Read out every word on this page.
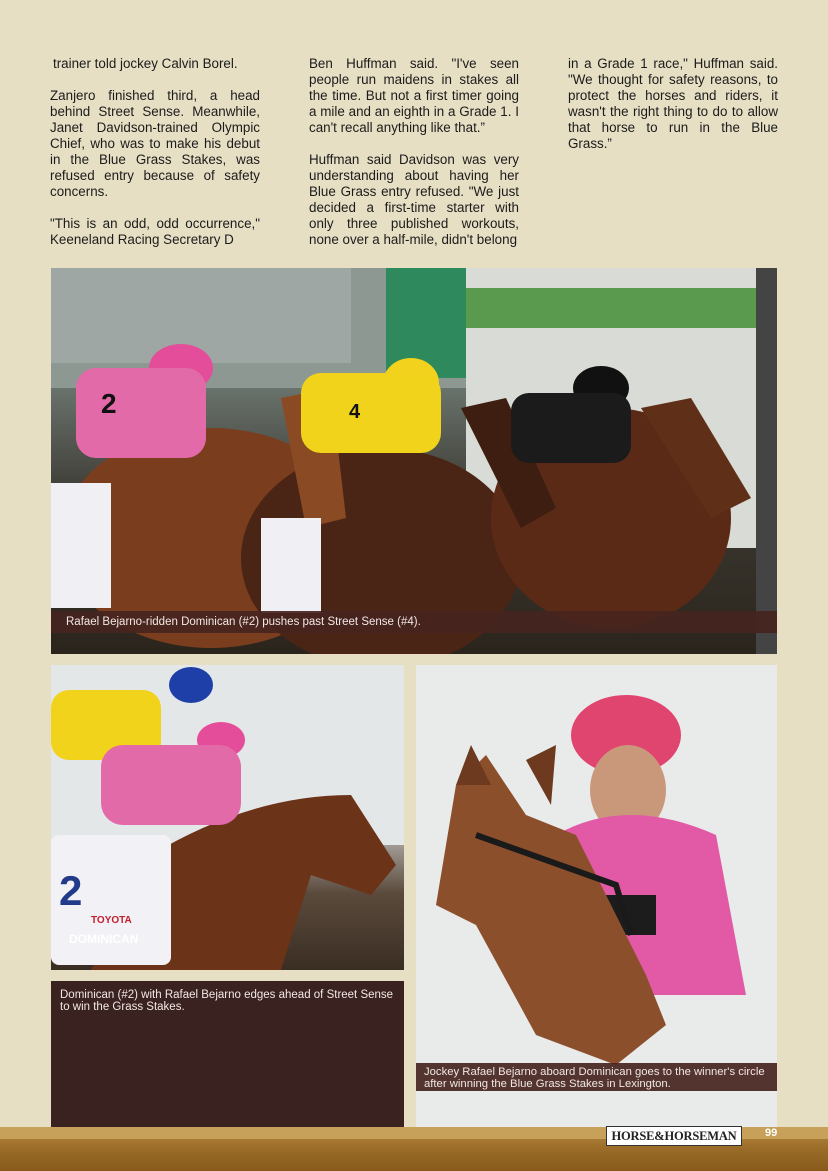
trainer told jockey Calvin Borel.

Zanjero finished third, a head behind Street Sense. Meanwhile, Janet Davidson-trained Olympic Chief, who was to make his debut in the Blue Grass Stakes, was refused entry because of safety concerns.

"This is an odd, odd occurrence," Keeneland Racing Secretary D

Ben Huffman said. "I've seen people run maidens in stakes all the time. But not a first timer going a mile and an eighth in a Grade 1. I can't recall anything like that.”

Huffman said Davidson was very understanding about having her Blue Grass entry refused. "We just decided a first-time starter with only three published workouts, none over a half-mile, didn't belong

in a Grade 1 race," Huffman said. "We thought for safety reasons, to protect the horses and riders, it wasn't the right thing to do to allow that horse to run in the Blue Grass.”

2	4
Rafael Bejarno-ridden Dominican (#2) pushes past Street Sense (#4).
2
TOYOTA
DOMINICAN
Dominican (#2) with Rafael Bejarno edges ahead of Street Sense to win the Grass Stakes.
Jockey Rafael Bejarno aboard Dominican goes to the winner's circle after winning the Blue Grass Stakes in Lexington.
HORSE&HORSEMAN	99
